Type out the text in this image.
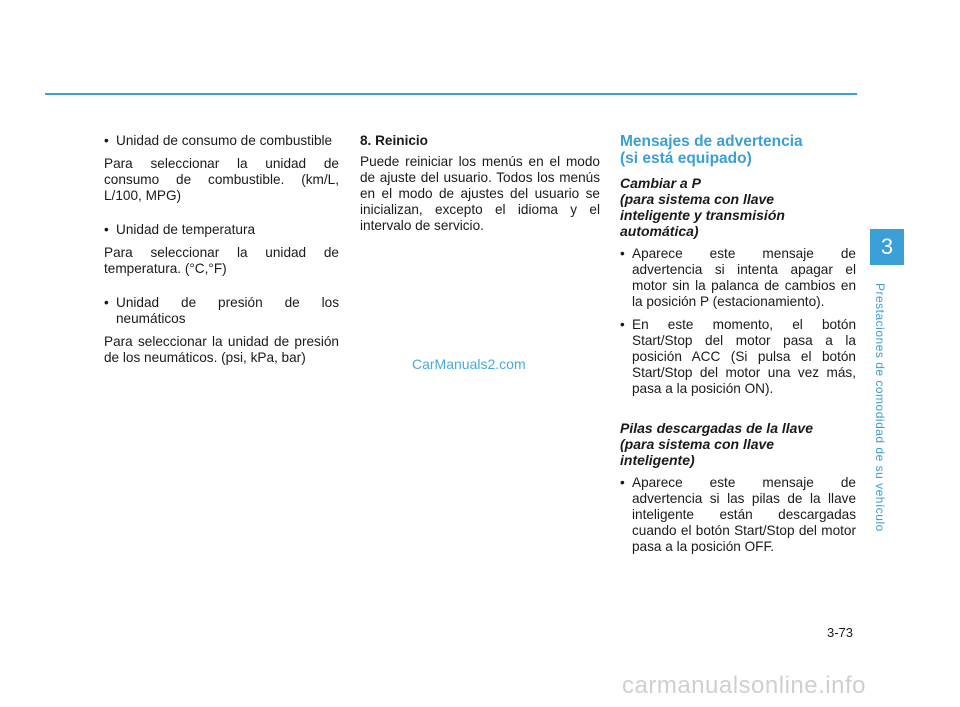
• Unidad de consumo de combustible

Para seleccionar la unidad de consumo de combustible. (km/L, L/100, MPG)

• Unidad de temperatura

Para seleccionar la unidad de temperatura. (°C,°F)

• Unidad de presión de los neumáticos

Para seleccionar la unidad de presión de los neumáticos. (psi, kPa, bar)

8. Reinicio

Puede reiniciar los menús en el modo de ajuste del usuario. Todos los menús en el modo de ajustes del usuario se inicializan, excepto el idioma y el intervalo de servicio.

Mensajes de advertencia
(si está equipado)
Cambiar a P
(para sistema con llave
inteligente y transmisión
automática)
• Aparece este mensaje de advertencia si intenta apagar el motor sin la palanca de cambios en la posición P (estacionamiento).
• En este momento, el botón Start/Stop del motor pasa a la posición ACC (Si pulsa el botón Start/Stop del motor una vez más, pasa a la posición ON).
Pilas descargadas de la llave
(para sistema con llave
inteligente)
• Aparece este mensaje de advertencia si las pilas de la llave inteligente están descargadas cuando el botón Start/Stop del motor pasa a la posición OFF.
3
Prestaciones de comodidad de su vehículo
CarManuals2.com
3-73
carmanualsonline.info
